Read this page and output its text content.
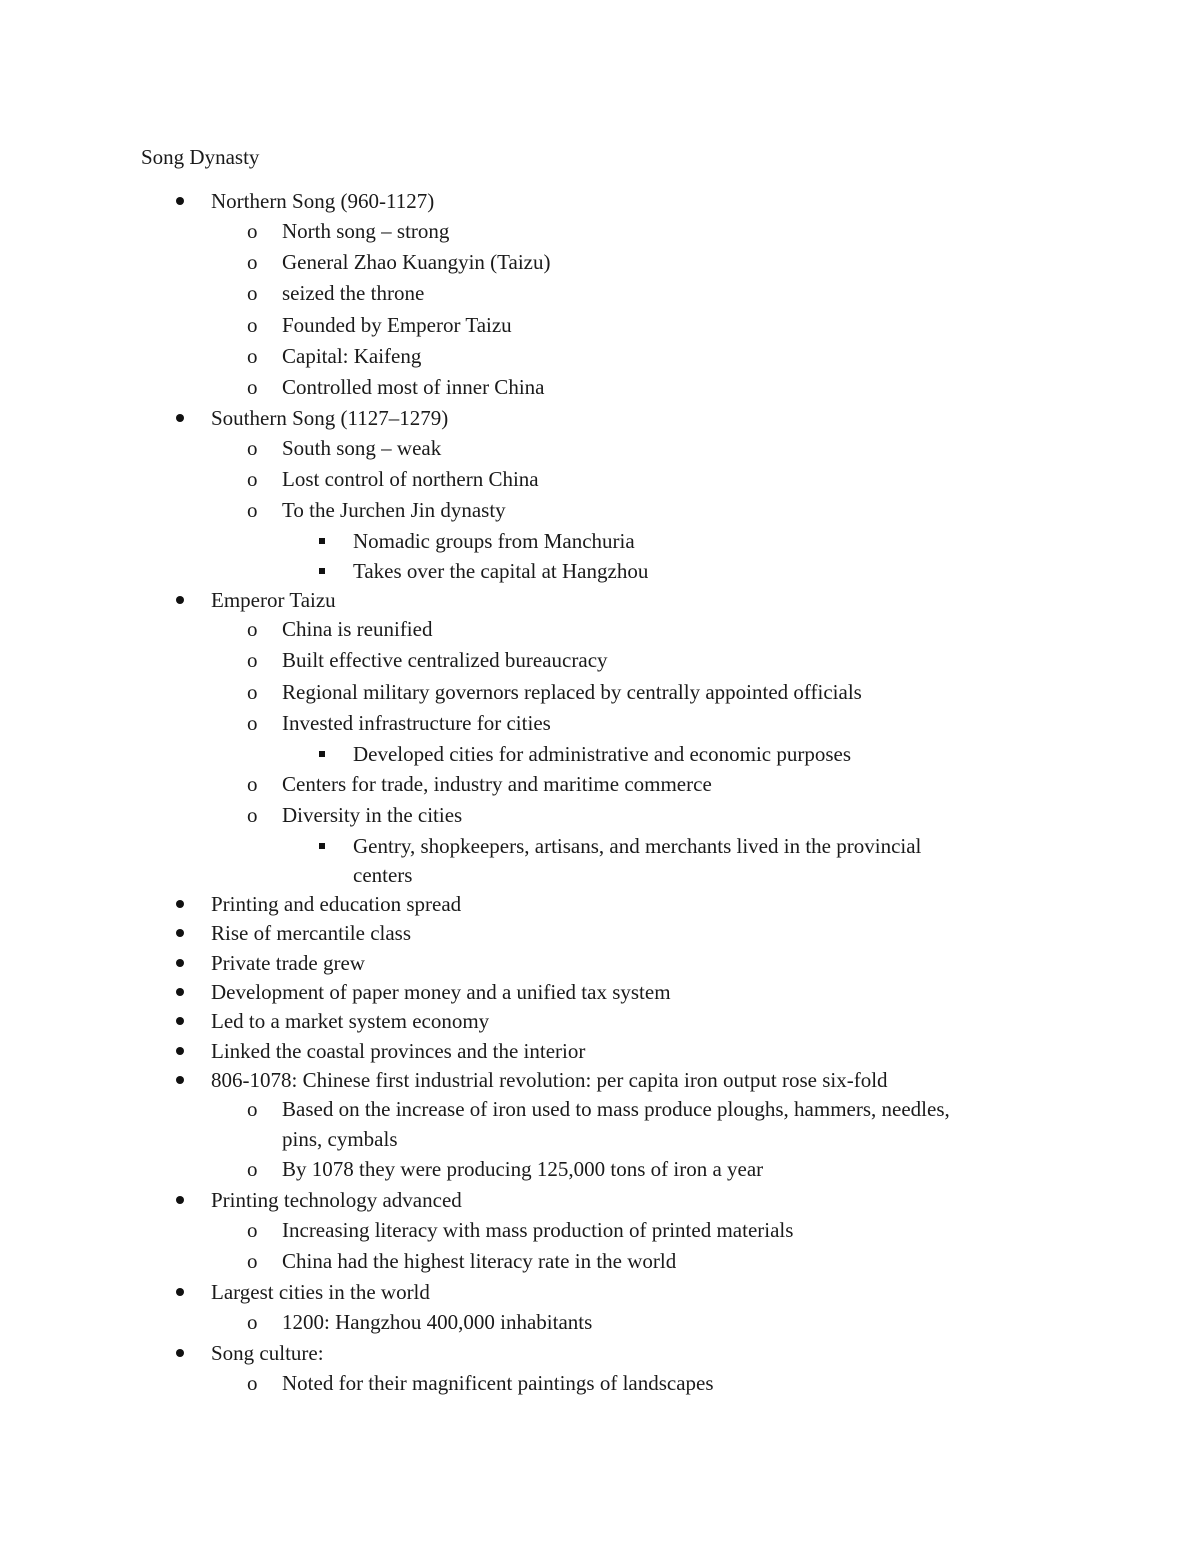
Song Dynasty
Northern Song (960-1127)
North song – strong
o
General Zhao Kuangyin (Taizu)
o
seized the throne
o
Founded by Emperor Taizu
o
Capital: Kaifeng
o
Controlled most of inner China
o
Southern Song (1127–1279)
South song – weak
o
Lost control of northern China
o
To the Jurchen Jin dynasty
o
Nomadic groups from Manchuria
Takes over the capital at Hangzhou
Emperor Taizu
China is reunified
o
Built effective centralized bureaucracy
o
Regional military governors replaced by centrally appointed officials
o
Invested infrastructure for cities
o
Developed cities for administrative and economic purposes
Centers for trade, industry and maritime commerce
o
Diversity in the cities
o
Gentry, shopkeepers, artisans, and merchants lived in the provincial
centers
Printing and education spread
Rise of mercantile class
Private trade grew
Development of paper money and a unified tax system
Led to a market system economy
Linked the coastal provinces and the interior
806-1078: Chinese first industrial revolution: per capita iron output rose six-fold
Based on the increase of iron used to mass produce ploughs, hammers, needles,
o
pins, cymbals
By 1078 they were producing 125,000 tons of iron a year
o
Printing technology advanced
Increasing literacy with mass production of printed materials
o
China had the highest literacy rate in the world
o
Largest cities in the world
1200: Hangzhou 400,000 inhabitants
o
Song culture:
Noted for their magnificent paintings of landscapes
o
